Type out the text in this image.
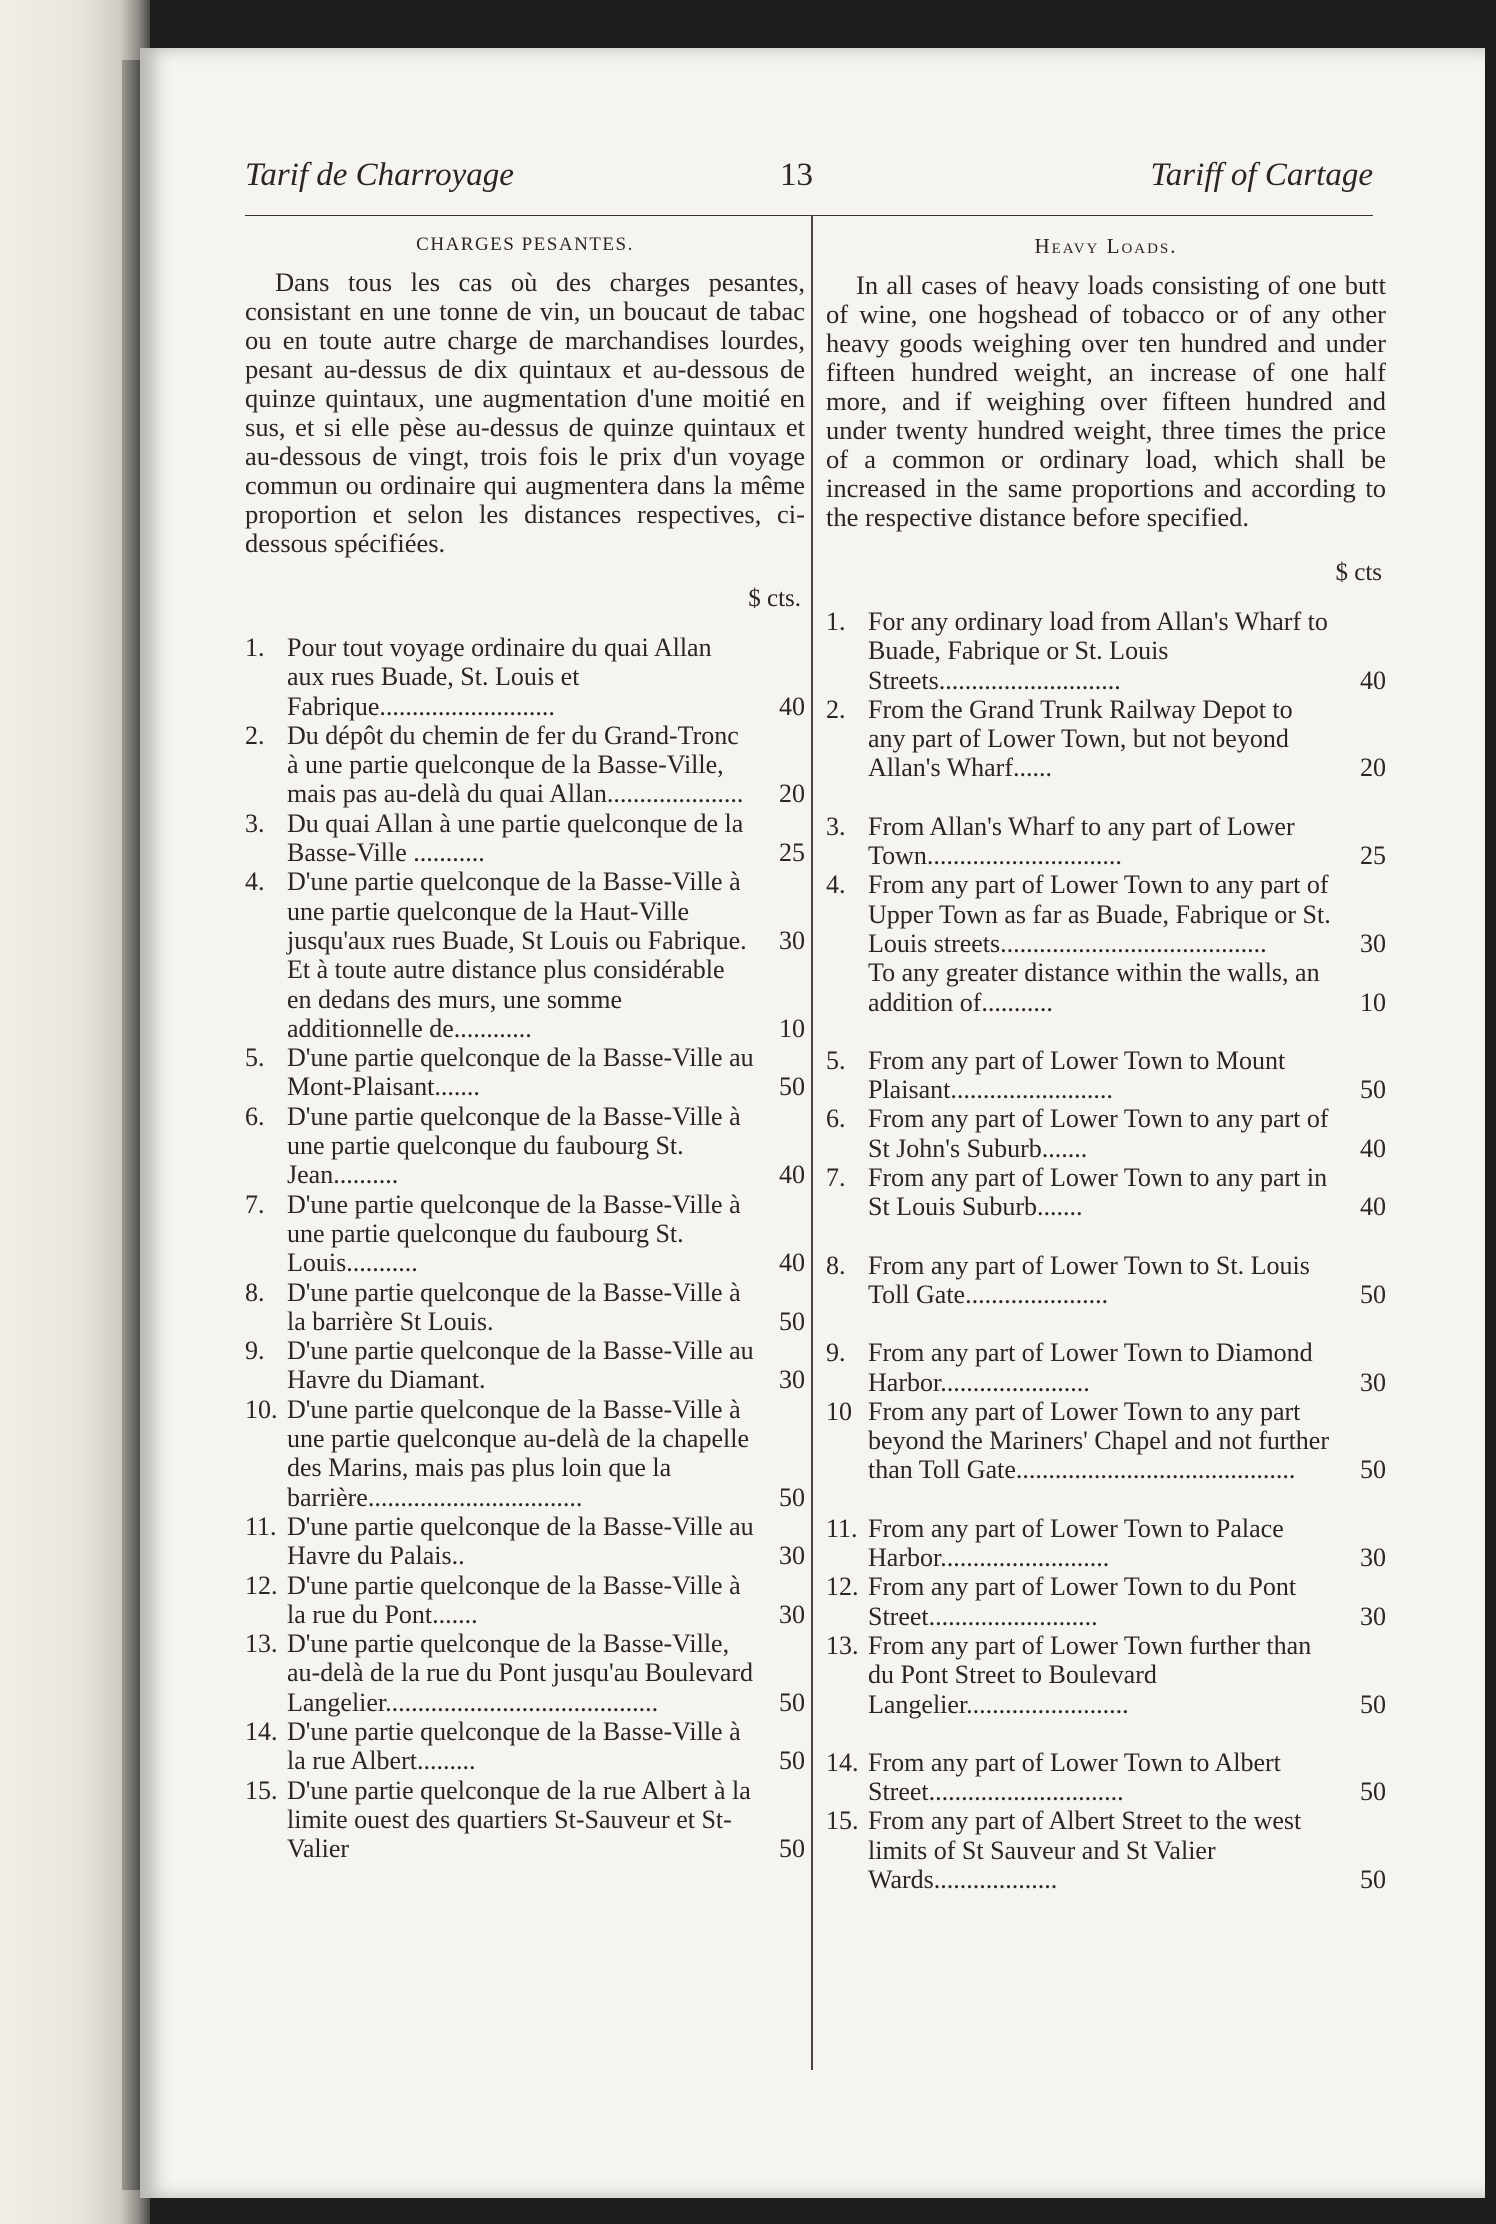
Tarif de Charroyage	13	Tariff of Cartage
CHARGES PESANTES.

Dans tous les cas où des charges pesantes, consistant en une tonne de vin, un boucaut de tabac ou en toute autre charge de marchandises lourdes, pesant au-dessus de dix quintaux et au-dessous de quinze quintaux, une augmentation d'une moitié en sus, et si elle pèse au-dessus de quinze quintaux et au-dessous de vingt, trois fois le prix d'un voyage commun ou ordinaire qui augmentera dans la même proportion et selon les distances respectives, ci-dessous spécifiées.

$ cts.
1. Pour tout voyage ordinaire du quai Allan aux rues Buade, St. Louis et Fabrique...........................	40
2. Du dépôt du chemin de fer du Grand-Tronc à une partie quelconque de la Basse-Ville, mais pas au-delà du quai Allan.....................	20
3. Du quai Allan à une partie quelconque de la Basse-Ville ...........	25
4. D'une partie quelconque de la Basse-Ville à une partie quelconque de la Haut-Ville jusqu'aux rues Buade, St Louis ou Fabrique.	30
Et à toute autre distance plus considérable en dedans des murs, une somme additionnelle de............	10
5. D'une partie quelconque de la Basse-Ville au Mont-Plaisant.......	50
6. D'une partie quelconque de la Basse-Ville à une partie quelconque du faubourg St. Jean..........	40
7. D'une partie quelconque de la Basse-Ville à une partie quelconque du faubourg St. Louis...........	40
8. D'une partie quelconque de la Basse-Ville à la barrière St Louis.	50
9. D'une partie quelconque de la Basse-Ville au Havre du Diamant.	30
10. D'une partie quelconque de la Basse-Ville à une partie quelconque au-delà de la chapelle des Marins, mais pas plus loin que la barrière.................................	50
11. D'une partie quelconque de la Basse-Ville au Havre du Palais..	30
12. D'une partie quelconque de la Basse-Ville à la rue du Pont.......	30
13. D'une partie quelconque de la Basse-Ville, au-delà de la rue du Pont jusqu'au Boulevard Langelier..........................................	50
14. D'une partie quelconque de la Basse-Ville à la rue Albert.........	50
15. D'une partie quelconque de la rue Albert à la limite ouest des quartiers St-Sauveur et St-Valier	50
Heavy Loads.

In all cases of heavy loads consisting of one butt of wine, one hogshead of tobacco or of any other heavy goods weighing over ten hundred and under fifteen hundred weight, an increase of one half more, and if weighing over fifteen hundred and under twenty hundred weight, three times the price of a common or ordinary load, which shall be increased in the same proportions and according to the respective distance before specified.

$ cts
1. For any ordinary load from Allan's Wharf to Buade, Fabrique or St. Louis Streets............................	40
2. From the Grand Trunk Railway Depot to any part of Lower Town, but not beyond Allan's Wharf......	20
3. From Allan's Wharf to any part of Lower Town..............................	25
4. From any part of Lower Town to any part of Upper Town as far as Buade, Fabrique or St. Louis streets.........................................	30
To any greater distance within the walls, an addition of...........	10
5. From any part of Lower Town to Mount Plaisant.........................	50
6. From any part of Lower Town to any part of St John's Suburb.......	40
7. From any part of Lower Town to any part in St Louis Suburb.......	40
8. From any part of Lower Town to St. Louis Toll Gate......................	50
9. From any part of Lower Town to Diamond Harbor.......................	30
10 From any part of Lower Town to any part beyond the Mariners' Chapel and not further than Toll Gate...........................................	50
11. From any part of Lower Town to Palace Harbor..........................	30
12. From any part of Lower Town to du Pont Street..........................	30
13. From any part of Lower Town further than du Pont Street to Boulevard Langelier.........................	50
14. From any part of Lower Town to Albert Street..............................	50
15. From any part of Albert Street to the west limits of St Sauveur and St Valier Wards...................	50
